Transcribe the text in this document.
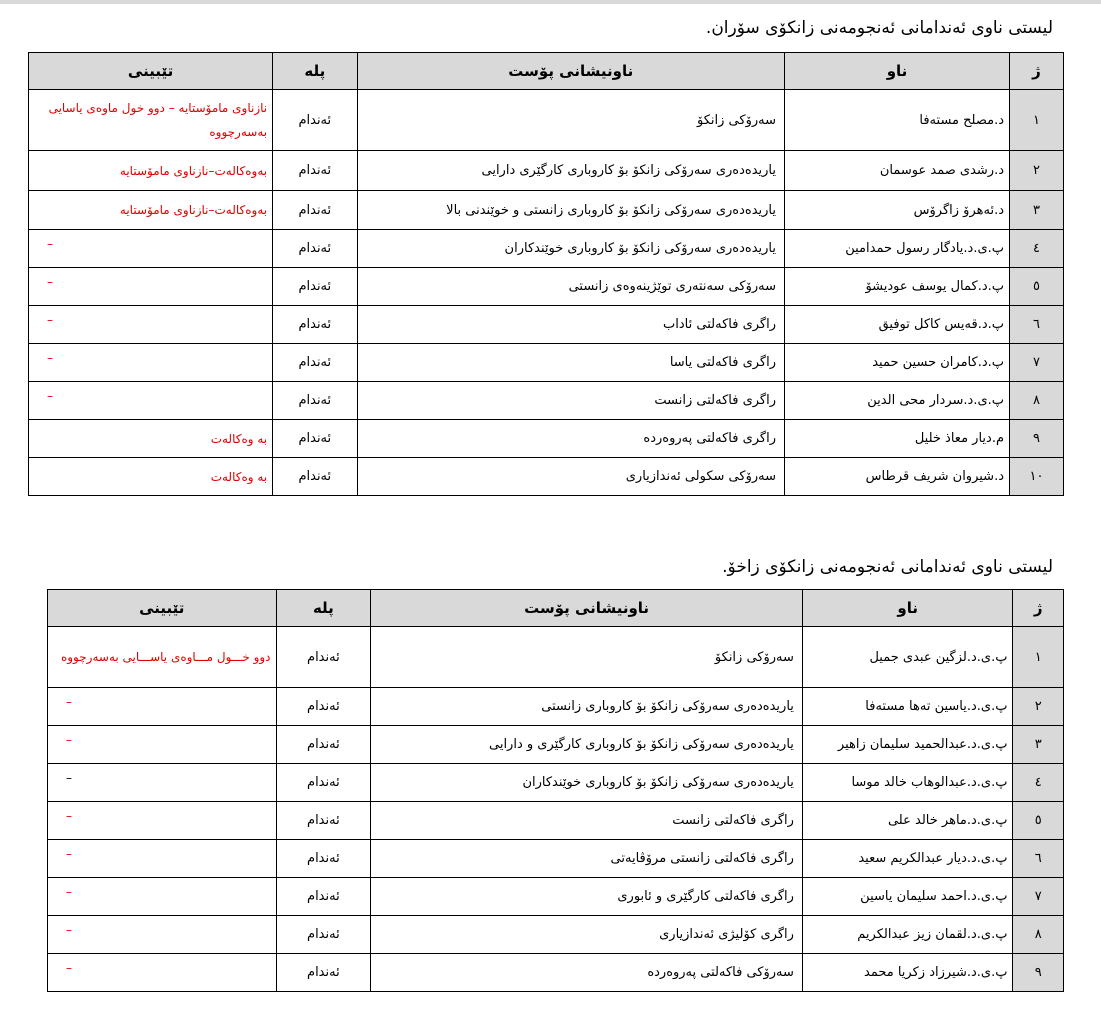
لیستی ناوی ئەندامانی ئەنجومەنی زانکۆی سۆران.
ژ	ناو	ناونیشانی پۆست	پلە	تێبینی
١	د.مصلح مستەفا	سەرۆکی زانکۆ	ئەندام	نازناوی مامۆستایە – دوو خول ماوەی یاسایی بەسەرچووە
٢	د.رشدی صمد عوسمان	یاریدەدەری سەرۆکی زانکۆ بۆ کاروباری کارگێری دارایی	ئەندام	بەوەکالەت–نازناوی مامۆستایە
٣	د.ئەهرۆ زاگرۆس	یاریدەدەری سەرۆکی زانکۆ بۆ کاروباری زانستی و خوێندنی بالا	ئەندام	بەوەکالەت–نازناوی مامۆستایە
٤	پ.ی.د.یادگار رسول حمدامین	یاریدەدەری سەرۆکی زانکۆ بۆ کاروباری خوێندکاران	ئەندام	–
٥	پ.د.کمال یوسف عودیشۆ	سەرۆکی سەنتەری توێژینەوەی زانستی	ئەندام	–
٦	پ.د.قەیس کاکل توفیق	راگری فاکەلتی ئاداب	ئەندام	–
٧	پ.د.کامران حسین حمید	راگری فاکەلتی یاسا	ئەندام	–
٨	پ.ی.د.سردار محی الدین	راگری فاکەلتی زانست	ئەندام	–
٩	م.دیار معاذ خلیل	راگری فاکەلتی پەروەردە	ئەندام	بە وەکالەت
١٠	د.شیروان شریف قرطاس	سەرۆکی سکولی ئەندازیاری	ئەندام	بە وەکالەت
لیستی ناوی ئەندامانی ئەنجومەنی زانکۆی زاخۆ.
ژ	ناو	ناونیشانی پۆست	پلە	تێبینی
١	پ.ی.د.لزگین عبدی جمیل	سەرۆکی زانکۆ	ئەندام	دوو خـــول مـــاوەی یاســـایی بەسەرچووە
٢	پ.ی.د.یاسین تەها مستەفا	یاریدەدەری سەرۆکی زانکۆ بۆ کاروباری زانستی	ئەندام	–
٣	پ.ی.د.عبدالحمید سلیمان زاهیر	یاریدەدەری سەرۆکی زانکۆ بۆ کاروباری کارگێری و دارایی	ئەندام	–
٤	پ.ی.د.عبدالوهاب خالد موسا	یاریدەدەری سەرۆکی زانکۆ بۆ کاروباری خوێندکاران	ئەندام	–
٥	پ.ی.د.ماهر خالد علی	راگری فاکەلتی زانست	ئەندام	–
٦	پ.ی.د.دیار عبدالکریم سعید	راگری فاکەلتی زانستی مرۆڤایەتی	ئەندام	–
٧	پ.ی.د.احمد سلیمان یاسین	راگری فاکەلتی کارگێری و ئابوری	ئەندام	–
٨	پ.ی.د.لقمان زیز عبدالکریم	راگری کۆلیژی ئەندازیاری	ئەندام	–
٩	پ.ی.د.شیرزاد زکریا محمد	سەرۆکی فاکەلتی پەروەردە	ئەندام	–
